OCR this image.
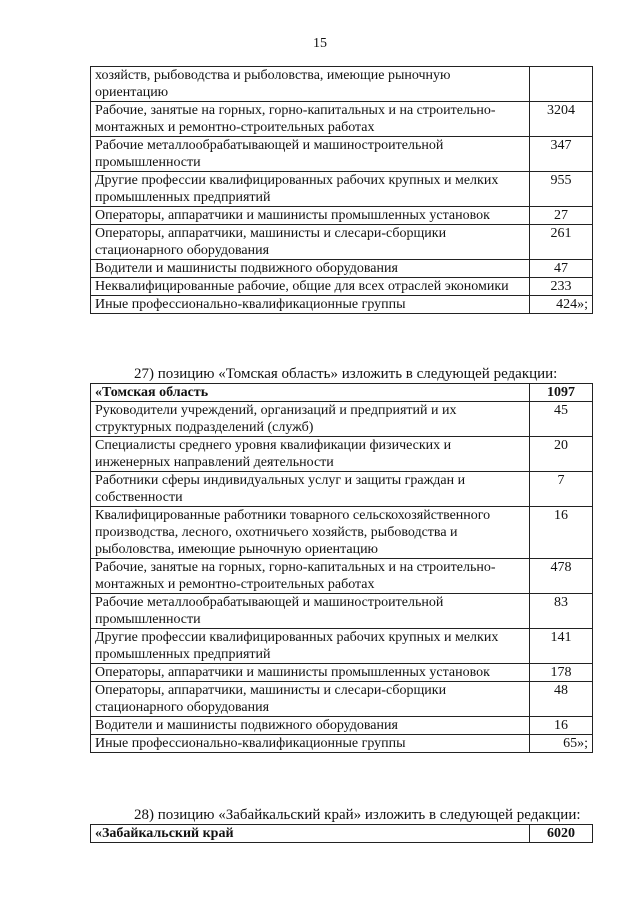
15
хозяйств, рыбоводства и рыболовства, имеющие рыночную ориентацию	
Рабочие, занятые на горных, горно-капитальных и на строительно-монтажных и ремонтно-строительных работах	3204
Рабочие металлообрабатывающей и машиностроительной промышленности	347
Другие профессии квалифицированных рабочих крупных и мелких промышленных предприятий	955
Операторы, аппаратчики и машинисты промышленных установок	27
Операторы, аппаратчики, машинисты и слесари-сборщики стационарного оборудования	261
Водители и машинисты подвижного оборудования	47
Неквалифицированные рабочие, общие для всех отраслей экономики	233
Иные профессионально-квалификационные группы	424»;
27) позицию «Томская область» изложить в следующей редакции:
«Томская область	1097
Руководители учреждений, организаций и предприятий и их структурных подразделений (служб)	45
Специалисты среднего уровня квалификации физических и инженерных направлений деятельности	20
Работники сферы индивидуальных услуг и защиты граждан и собственности	7
Квалифицированные работники товарного сельскохозяйственного производства, лесного, охотничьего хозяйств, рыбоводства и рыболовства, имеющие рыночную ориентацию	16
Рабочие, занятые на горных, горно-капитальных и на строительно-монтажных и ремонтно-строительных работах	478
Рабочие металлообрабатывающей и машиностроительной промышленности	83
Другие профессии квалифицированных рабочих крупных и мелких промышленных предприятий	141
Операторы, аппаратчики и машинисты промышленных установок	178
Операторы, аппаратчики, машинисты и слесари-сборщики стационарного оборудования	48
Водители и машинисты подвижного оборудования	16
Иные профессионально-квалификационные группы	65»;
28) позицию «Забайкальский край» изложить в следующей редакции:
«Забайкальский край	6020
